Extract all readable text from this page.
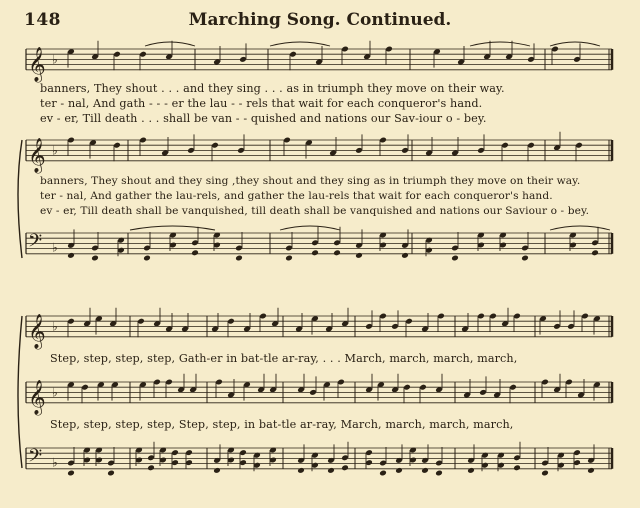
148	Marching Song. Continued.
𝄞 ♭
𝄞 ♭
𝄢 ♭
𝄞 ♭
𝄞 ♭
𝄢 ♭
banners, They shout . . . and they sing . . . as in triumph they move on their way.
ter - nal, And gath - - - er the lau - - rels that wait for each conqueror's hand.
ev - er, Till death . . . shall be van - - quished and nations our Sav-iour o - bey.
banners, They shout and they sing ,they shout and they sing as in triumph they move on their way.
ter - nal, And gather the lau-rels, and gather the lau-rels that wait for each conqueror's hand.
ev - er, Till death shall be vanquished, till death shall be vanquished and nations our Saviour o - bey.
Step, step, step, step, Gath-er in bat-tle ar-ray, . . . March, march, march, march,
Step, step, step, step, Step, step, in bat-tle ar-ray, March, march, march, march,
